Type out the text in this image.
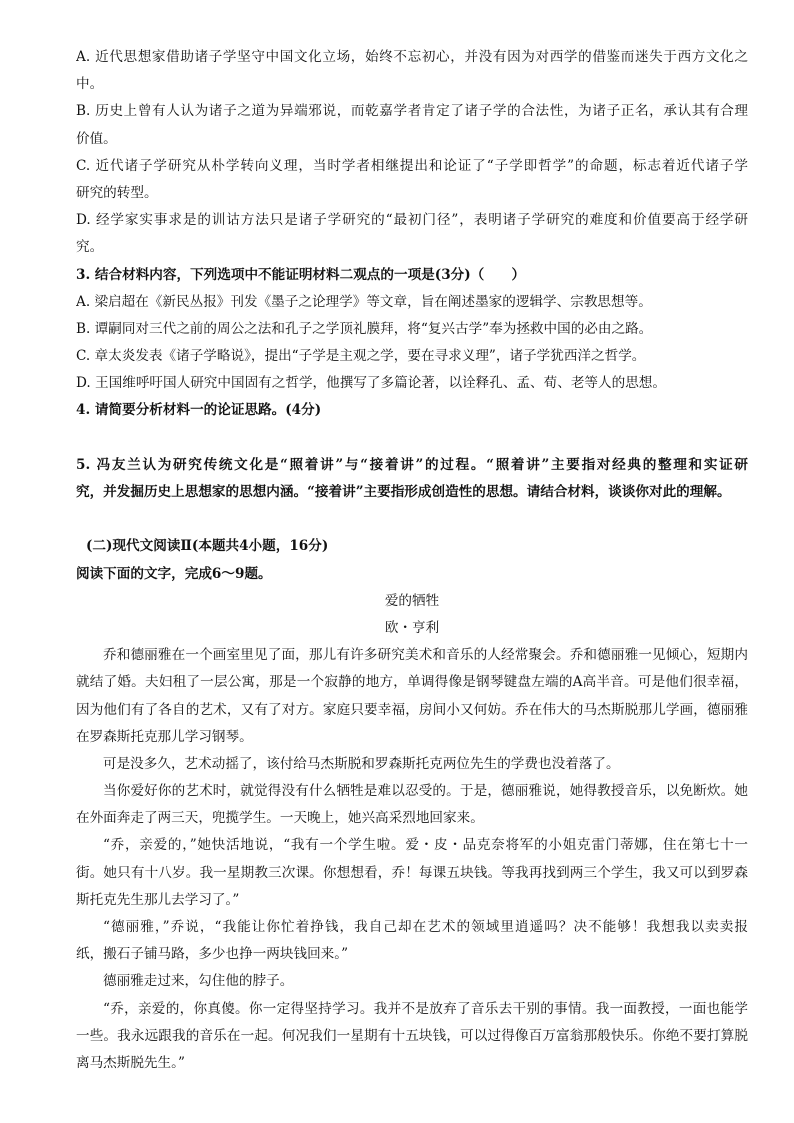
A. 近代思想家借助诸子学坚守中国文化立场，始终不忘初心，并没有因为对西学的借鉴而迷失于西方文化之
中。
B. 历史上曾有人认为诸子之道为异端邪说，而乾嘉学者肯定了诸子学的合法性，为诸子正名，承认其有合理
价值。
C. 近代诸子学研究从朴学转向义理，当时学者相继提出和论证了“子学即哲学”的命题，标志着近代诸子学
研究的转型。
D. 经学家实事求是的训诂方法只是诸子学研究的“最初门径”，表明诸子学研究的难度和价值要高于经学研
究。
3. 结合材料内容，下列选项中不能证明材料二观点的一项是(3分)（　　）
A. 梁启超在《新民丛报》刊发《墨子之论理学》等文章，旨在阐述墨家的逻辑学、宗教思想等。
B. 谭嗣同对三代之前的周公之法和孔子之学顶礼膜拜，将“复兴古学”奉为拯救中国的必由之路。
C. 章太炎发表《诸子学略说》，提出“子学是主观之学，要在寻求义理”，诸子学犹西洋之哲学。
D. 王国维呼吁国人研究中国固有之哲学，他撰写了多篇论著，以诠释孔、孟、荀、老等人的思想。
4. 请简要分析材料一的论证思路。(4分)
5. 冯友兰认为研究传统文化是“照着讲”与“接着讲”的过程。“照着讲”主要指对经典的整理和实证研
究，并发掘历史上思想家的思想内涵。“接着讲”主要指形成创造性的思想。请结合材料，谈谈你对此的理解。
(二)现代文阅读Ⅱ(本题共4小题，16分)
阅读下面的文字，完成6～9题。
爱的牺牲
欧・亨利
乔和德丽雅在一个画室里见了面，那儿有许多研究美术和音乐的人经常聚会。乔和德丽雅一见倾心，短期内
就结了婚。夫妇租了一层公寓，那是一个寂静的地方，单调得像是钢琴键盘左端的A高半音。可是他们很幸福，
因为他们有了各自的艺术，又有了对方。家庭只要幸福，房间小又何妨。乔在伟大的马杰斯脱那儿学画，德丽雅
在罗森斯托克那儿学习钢琴。
可是没多久，艺术动摇了，该付给马杰斯脱和罗森斯托克两位先生的学费也没着落了。
当你爱好你的艺术时，就觉得没有什么牺牲是难以忍受的。于是，德丽雅说，她得教授音乐，以免断炊。她
在外面奔走了两三天，兜揽学生。一天晚上，她兴高采烈地回家来。
“乔，亲爱的，”她快活地说，“我有一个学生啦。爱・皮・品克奈将军的小姐克雷门蒂娜，住在第七十一
街。她只有十八岁。我一星期教三次课。你想想看，乔！每课五块钱。等我再找到两三个学生，我又可以到罗森
斯托克先生那儿去学习了。”
“德丽雅，”乔说，“我能让你忙着挣钱，我自己却在艺术的领域里逍遥吗？决不能够！我想我以卖卖报
纸，搬石子铺马路，多少也挣一两块钱回来。”
德丽雅走过来，勾住他的脖子。
“乔，亲爱的，你真傻。你一定得坚持学习。我并不是放弃了音乐去干别的事情。我一面教授，一面也能学
一些。我永远跟我的音乐在一起。何况我们一星期有十五块钱，可以过得像百万富翁那般快乐。你绝不要打算脱
离马杰斯脱先生。”
